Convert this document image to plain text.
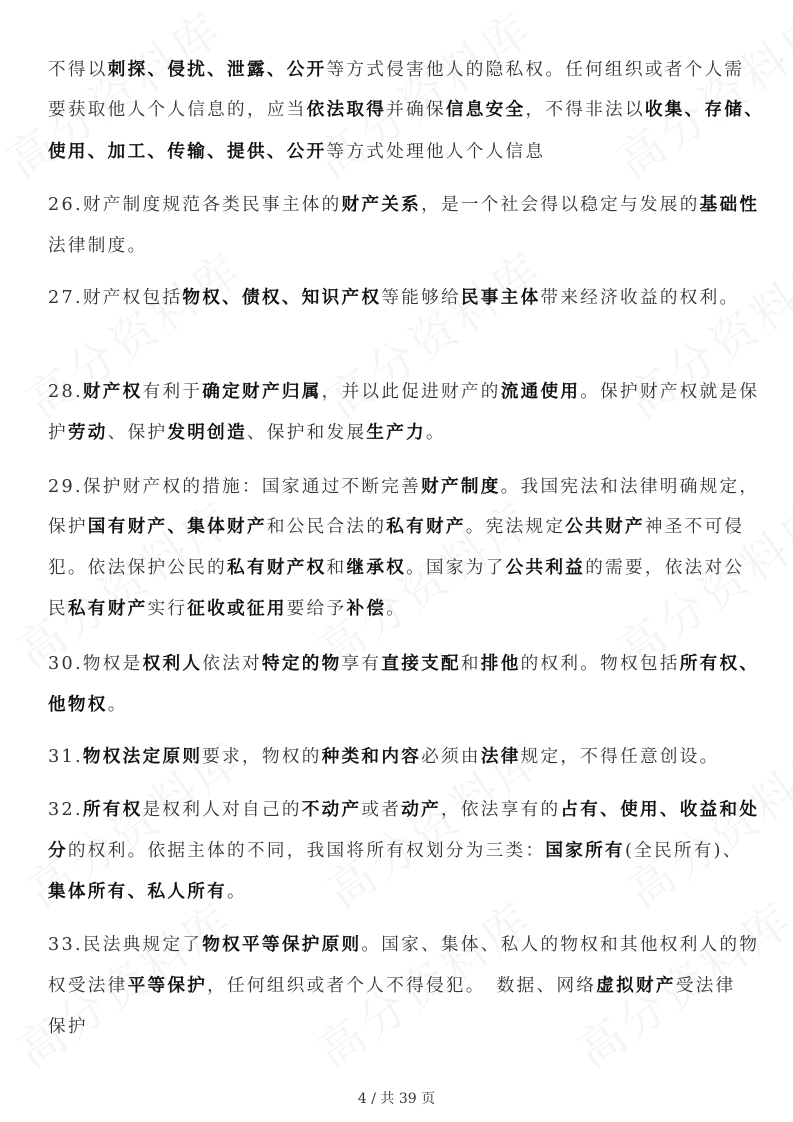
不得以刺探、侵扰、泄露、公开等方式侵害他人的隐私权。任何组织或者个人需
要获取他人个人信息的，应当依法取得并确保信息安全，不得非法以收集、存储、
使用、加工、传输、提供、公开等方式处理他人个人信息
26.财产制度规范各类民事主体的财产关系，是一个社会得以稳定与发展的基础性
法律制度。
27.财产权包括物权、债权、知识产权等能够给民事主体带来经济收益的权利。
28.财产权有利于确定财产归属，并以此促进财产的流通使用。保护财产权就是保
护劳动、保护发明创造、保护和发展生产力。
29.保护财产权的措施：国家通过不断完善财产制度。我国宪法和法律明确规定，
保护国有财产、集体财产和公民合法的私有财产。宪法规定公共财产神圣不可侵
犯。依法保护公民的私有财产权和继承权。国家为了公共利益的需要，依法对公
民私有财产实行征收或征用要给予补偿。
30.物权是权利人依法对特定的物享有直接支配和排他的权利。物权包括所有权、
他物权。
31.物权法定原则要求，物权的种类和内容必须由法律规定，不得任意创设。
32.所有权是权利人对自己的不动产或者动产，依法享有的占有、使用、收益和处
分的权利。依据主体的不同，我国将所有权划分为三类：国家所有(全民所有)、
集体所有、私人所有。
33.民法典规定了物权平等保护原则。国家、集体、私人的物权和其他权利人的物
权受法律平等保护，任何组织或者个人不得侵犯。　数据、网络虚拟财产受法律
保护
4 / 共 39 页
